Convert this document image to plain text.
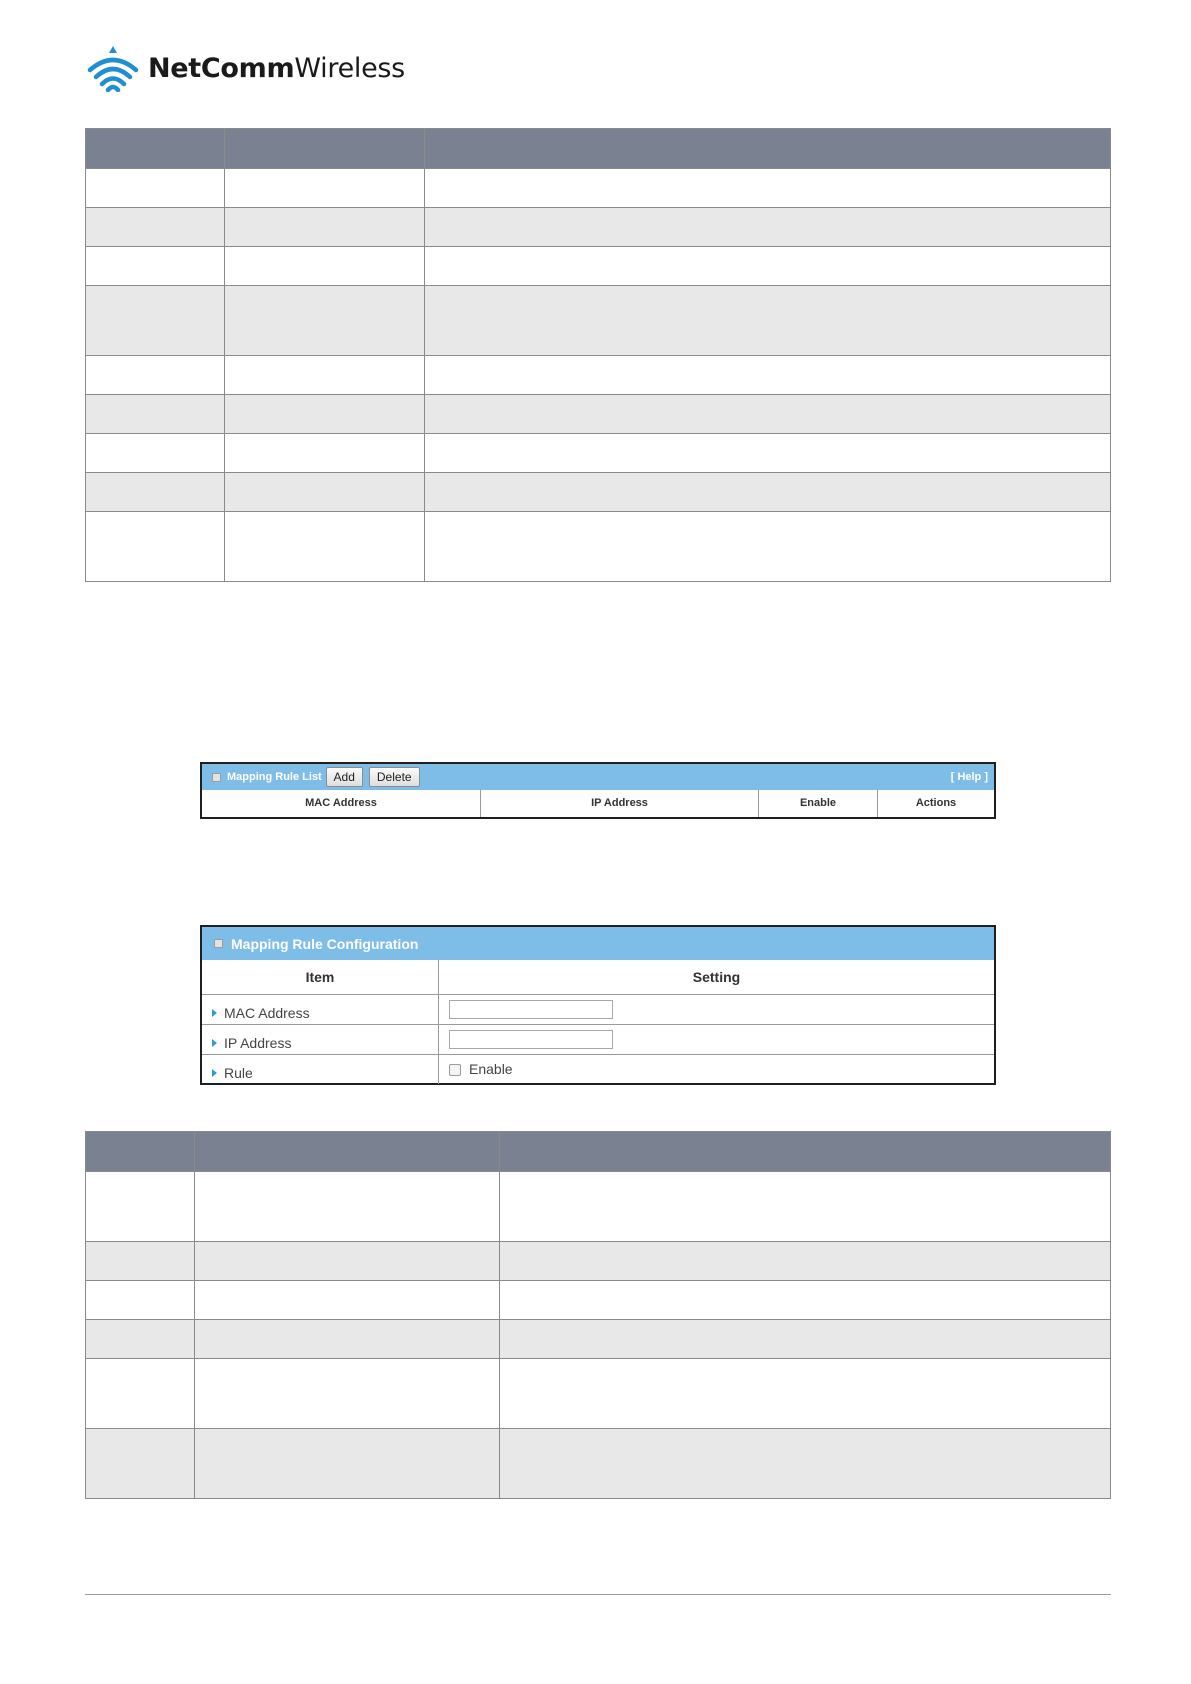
NetCommWireless

Mapping Rule List Add	Delete	[ Help ]
MAC Address	IP Address	Enable	Actions
Mapping Rule Configuration
Item	Setting
MAC Address
IP Address
Rule	Enable
